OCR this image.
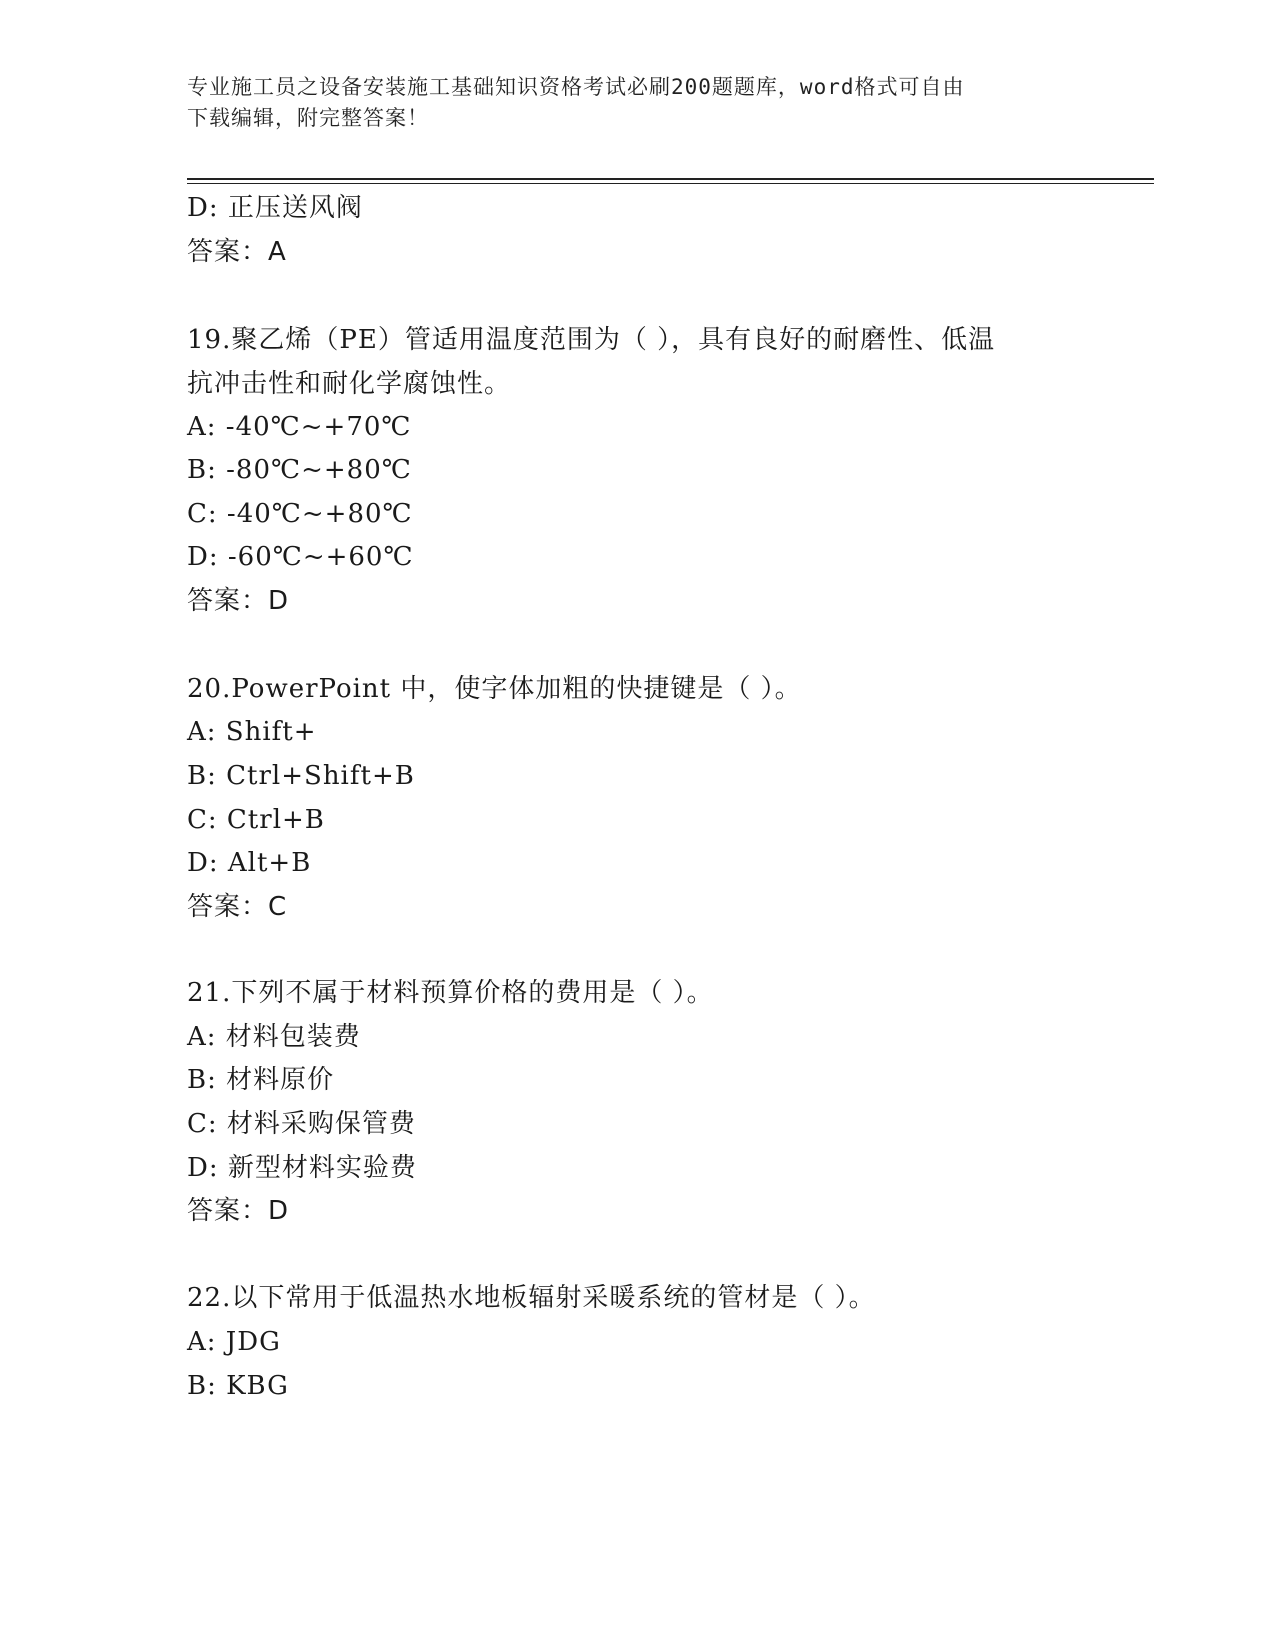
专业施工员之设备安装施工基础知识资格考试必刷200题题库，word格式可自由
下载编辑，附完整答案！
D: 正压送风阀
答案：A
19.聚乙烯（PE）管适用温度范围为（ ），具有良好的耐磨性、低温
抗冲击性和耐化学腐蚀性。
A: -40℃~+70℃
B: -80℃~+80℃
C: -40℃~+80℃
D: -60℃~+60℃
答案：D
20.PowerPoint 中，使字体加粗的快捷键是（ ）。
A: Shift+
B: Ctrl+Shift+B
C: Ctrl+B
D: Alt+B
答案：C
21.下列不属于材料预算价格的费用是（ ）。
A: 材料包装费
B: 材料原价
C: 材料采购保管费
D: 新型材料实验费
答案：D
22.以下常用于低温热水地板辐射采暖系统的管材是（ ）。
A: JDG
B: KBG
